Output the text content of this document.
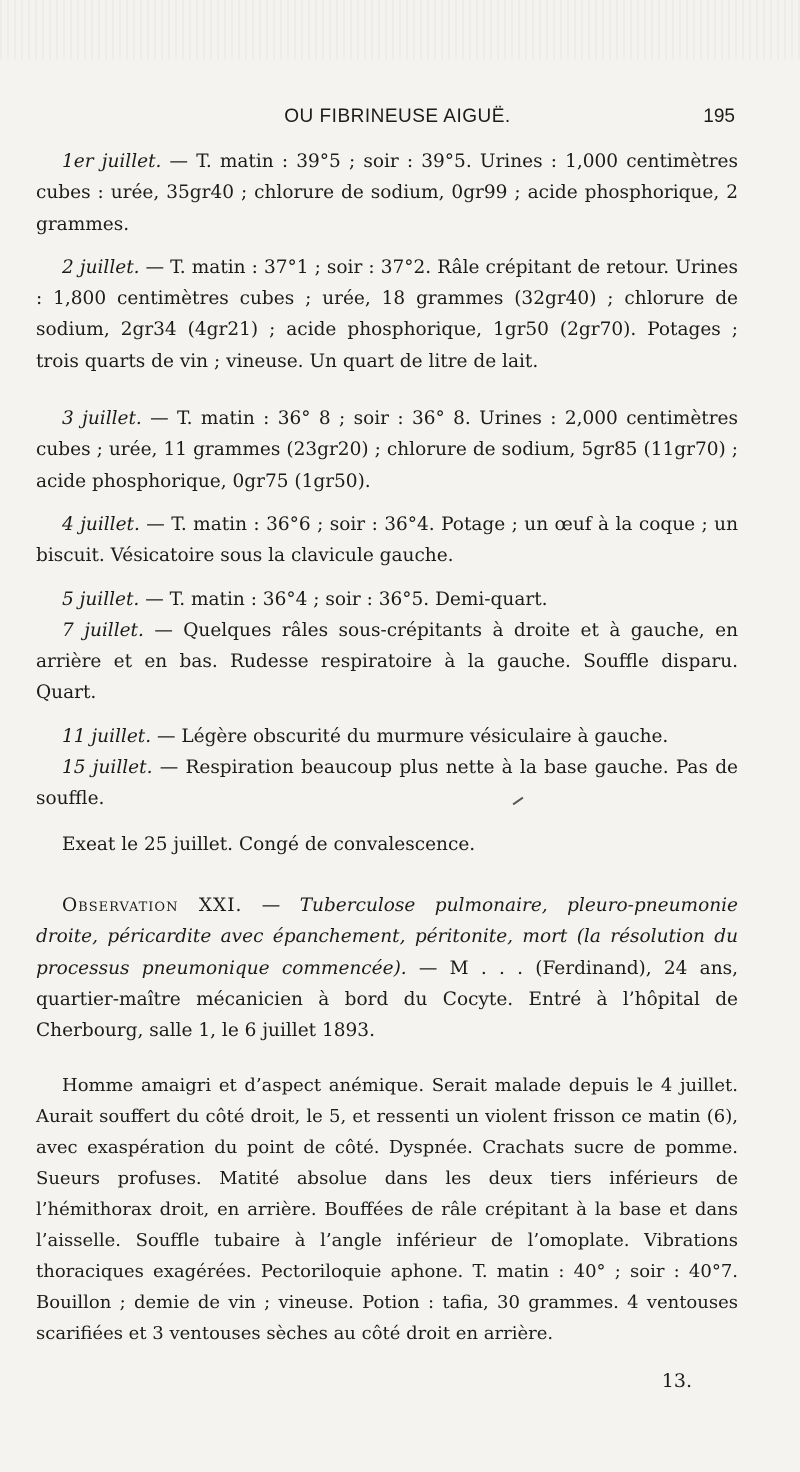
OU FIBRINEUSE AIGUË.	195

1er juillet. — T. matin : 39°5 ; soir : 39°5. Urines : 1,000 centimètres cubes : urée, 35gr40 ; chlorure de sodium, 0gr99 ; acide phosphorique, 2 grammes.

2 juillet. — T. matin : 37°1 ; soir : 37°2. Râle crépitant de retour. Urines : 1,800 centimètres cubes ; urée, 18 grammes (32gr40) ; chlorure de sodium, 2gr34 (4gr21) ; acide phosphorique, 1gr50 (2gr70). Potages ; trois quarts de vin ; vineuse. Un quart de litre de lait.

3 juillet. — T. matin : 36° 8 ; soir : 36° 8. Urines : 2,000 centimètres cubes ; urée, 11 grammes (23gr20) ; chlorure de sodium, 5gr85 (11gr70) ; acide phosphorique, 0gr75 (1gr50).

4 juillet. — T. matin : 36°6 ; soir : 36°4. Potage ; un œuf à la coque ; un biscuit. Vésicatoire sous la clavicule gauche.

5 juillet. — T. matin : 36°4 ; soir : 36°5. Demi-quart.

7 juillet. — Quelques râles sous-crépitants à droite et à gauche, en arrière et en bas. Rudesse respiratoire à la gauche. Souffle disparu. Quart.

11 juillet. — Légère obscurité du murmure vésiculaire à gauche.

15 juillet. — Respiration beaucoup plus nette à la base gauche. Pas de souffle.

Exeat le 25 juillet. Congé de convalescence.

Observation XXI. — Tuberculose pulmonaire, pleuro-pneumonie droite, péricardite avec épanchement, péritonite, mort (la résolution du processus pneumonique commencée). — M . . . (Ferdinand), 24 ans, quartier-maître mécanicien à bord du Cocyte. Entré à l’hôpital de Cherbourg, salle 1, le 6 juillet 1893.

Homme amaigri et d’aspect anémique. Serait malade depuis le 4 juillet. Aurait souffert du côté droit, le 5, et ressenti un violent frisson ce matin (6), avec exaspération du point de côté. Dyspnée. Crachats sucre de pomme. Sueurs profuses. Matité absolue dans les deux tiers inférieurs de l’hémithorax droit, en arrière. Bouffées de râle crépitant à la base et dans l’aisselle. Souffle tubaire à l’angle inférieur de l’omoplate. Vibrations thoraciques exagérées. Pectoriloquie aphone. T. matin : 40° ; soir : 40°7. Bouillon ; demie de vin ; vineuse. Potion : tafia, 30 grammes. 4 ventouses scarifiées et 3 ventouses sèches au côté droit en arrière.

13.
